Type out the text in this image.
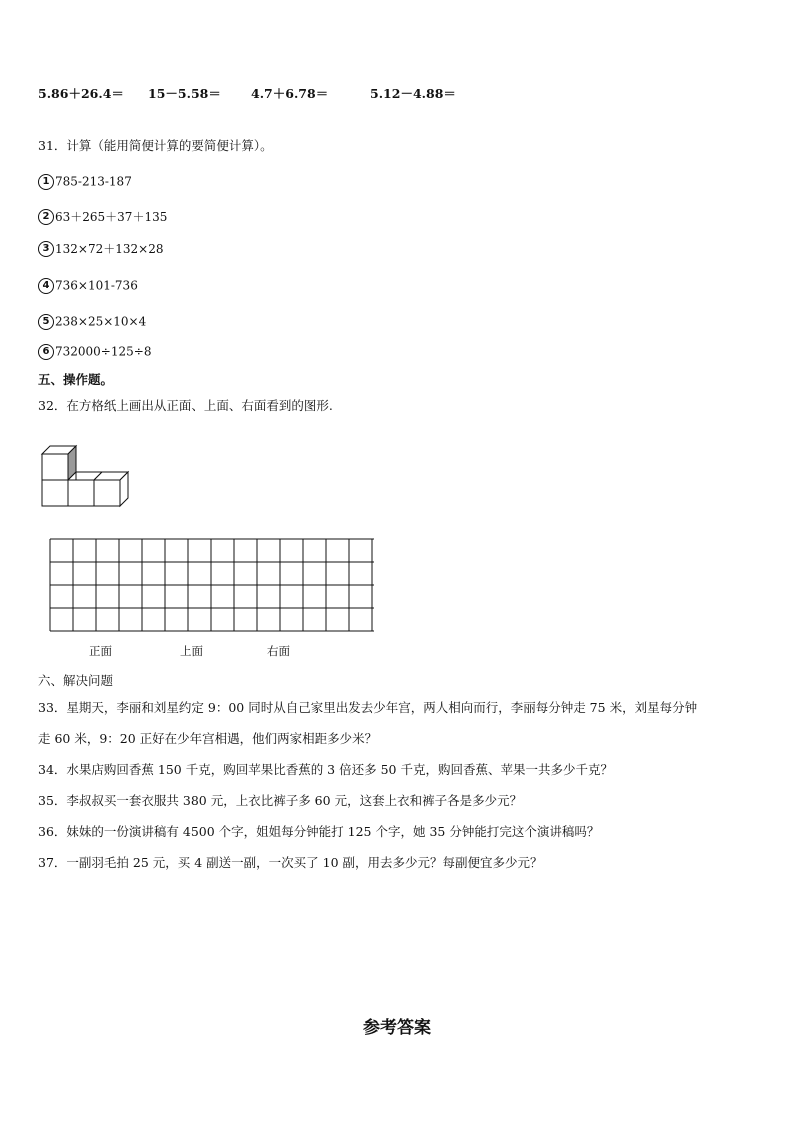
5.86＋26.4＝ 15－5.58＝ 4.7＋6.78＝	5.12－4.88＝
31．计算（能用简便计算的要简便计算）。
1 785-213-187
2 63＋265＋37＋135
3 132×72＋132×28
4 736×101-736
5 238×25×10×4
6 732000÷125÷8
五、操作题。
32．在方格纸上画出从正面、上面、右面看到的图形.
正面	上面	右面
六、解决问题
33．星期天，李丽和刘星约定 9：00 同时从自己家里出发去少年宫，两人相向而行，李丽每分钟走 75 米，刘星每分钟
走 60 米，9：20 正好在少年宫相遇，他们两家相距多少米？
34．水果店购回香蕉 150 千克，购回苹果比香蕉的 3 倍还多 50 千克，购回香蕉、苹果一共多少千克？
35．李叔叔买一套衣服共 380 元，上衣比裤子多 60 元，这套上衣和裤子各是多少元？
36．妹妹的一份演讲稿有 4500 个字，姐姐每分钟能打 125 个字，她 35 分钟能打完这个演讲稿吗？
37．一副羽毛拍 25 元，买 4 副送一副，一次买了 10 副，用去多少元？每副便宜多少元？
参考答案
